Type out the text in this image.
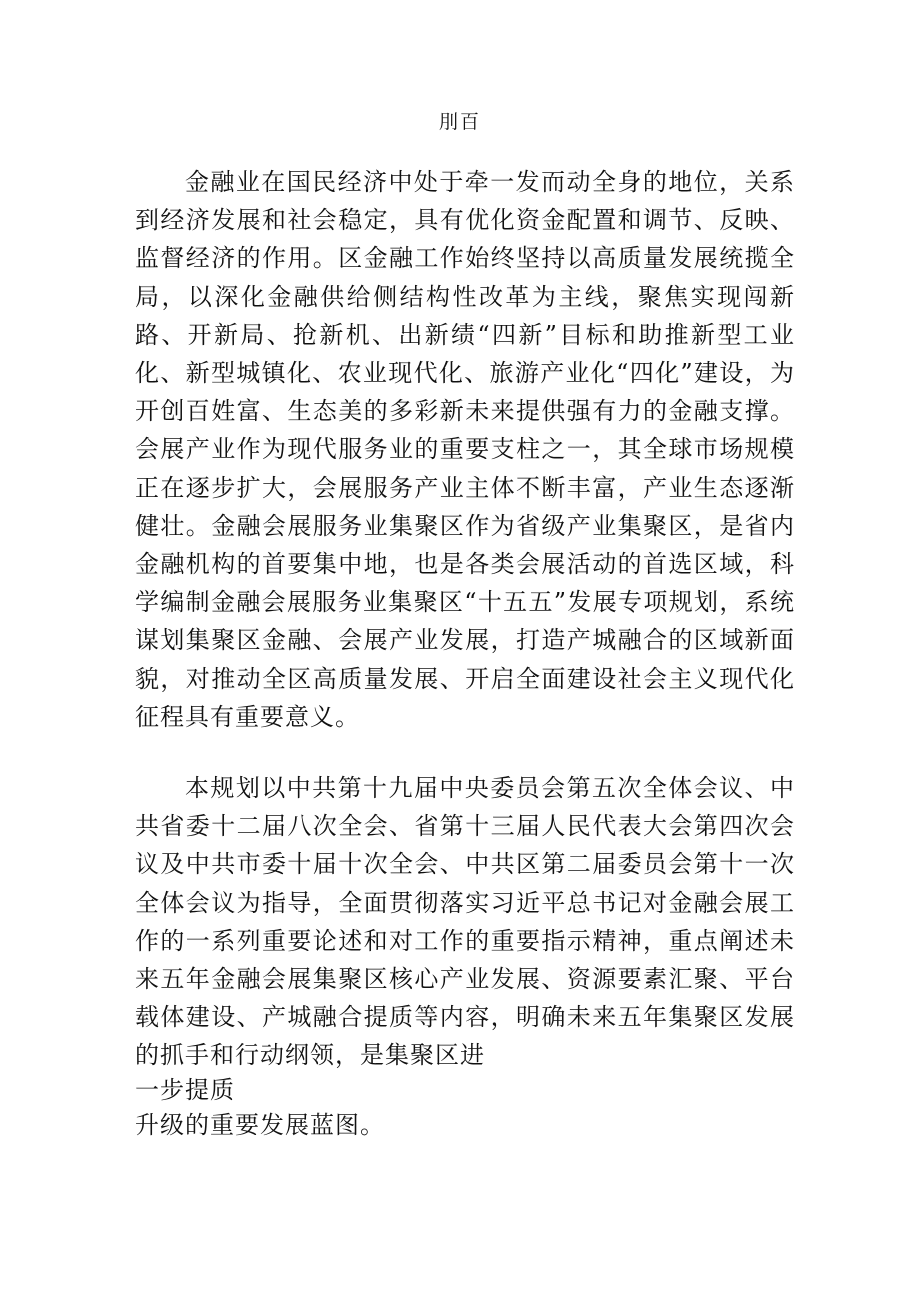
刖百

金融业在国民经济中处于牵一发而动全身的地位，关系到经济发展和社会稳定，具有优化资金配置和调节、反映、监督经济的作用。区金融工作始终坚持以高质量发展统揽全局，以深化金融供给侧结构性改革为主线，聚焦实现闯新路、开新局、抢新机、出新绩“四新”目标和助推新型工业化、新型城镇化、农业现代化、旅游产业化“四化”建设，为开创百姓富、生态美的多彩新未来提供强有力的金融支撑。会展产业作为现代服务业的重要支柱之一，其全球市场规模正在逐步扩大，会展服务产业主体不断丰富，产业生态逐渐健壮。金融会展服务业集聚区作为省级产业集聚区，是省内金融机构的首要集中地，也是各类会展活动的首选区域，科学编制金融会展服务业集聚区“十五五”发展专项规划，系统谋划集聚区金融、会展产业发展，打造产城融合的区域新面貌，对推动全区高质量发展、开启全面建设社会主义现代化征程具有重要意义。

本规划以中共第十九届中央委员会第五次全体会议、中共省委十二届八次全会、省第十三届人民代表大会第四次会议及中共市委十届十次全会、中共区第二届委员会第十一次全体会议为指导，全面贯彻落实习近平总书记对金融会展工作的一系列重要论述和对工作的重要指示精神，重点阐述未来五年金融会展集聚区核心产业发展、资源要素汇聚、平台载体建设、产城融合提质等内容，明确未来五年集聚区发展的抓手和行动纲领，是集聚区进

一步提质
升级的重要发展蓝图。
